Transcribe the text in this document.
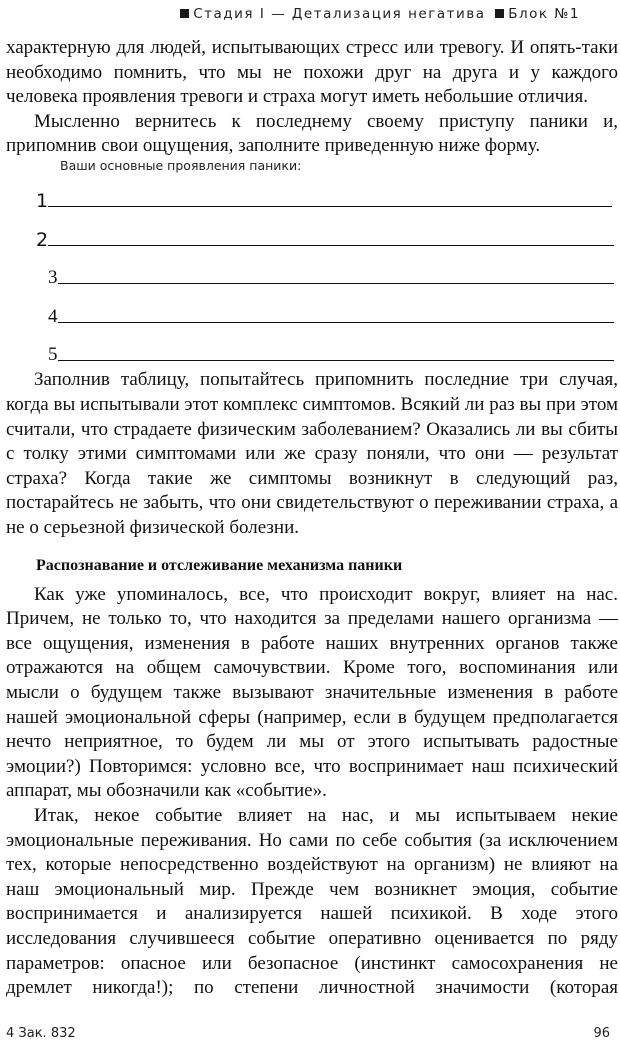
Стадия I — Детализация негатива Блок №1

характерную для людей, испытывающих стресс или тревогу. И опять-таки необходимо помнить, что мы не похожи друг на друга и у каждого человека проявления тревоги и страха могут иметь небольшие отличия.

Мысленно вернитесь к последнему своему приступу паники и, припомнив свои ощущения, заполните приведенную ниже форму.

Ваши основные проявления паники:
1
2
3
4
5

Заполнив таблицу, попытайтесь припомнить последние три случая, когда вы испытывали этот комплекс симптомов. Всякий ли раз вы при этом считали, что страдаете физическим заболеванием? Оказались ли вы сбиты с толку этими симптомами или же сразу поняли, что они — результат страха? Когда такие же симптомы возникнут в следующий раз, постарайтесь не забыть, что они свидетельствуют о переживании страха, а не о серьезной физической болезни.

Распознавание и отслеживание механизма паники

Как уже упоминалось, все, что происходит вокруг, влияет на нас. Причем, не только то, что находится за пределами нашего организма — все ощущения, изменения в работе наших внутренних органов также отражаются на общем самочувствии. Кроме того, воспоминания или мысли о будущем также вызывают значительные изменения в работе нашей эмоциональной сферы (например, если в будущем предполагается нечто неприятное, то будем ли мы от этого испытывать радостные эмоции?) Повторимся: условно все, что воспринимает наш психический аппарат, мы обозначили как «событие».

Итак, некое событие влияет на нас, и мы испытываем некие эмоциональные переживания. Но сами по себе события (за исключением тех, которые непосредственно воздействуют на организм) не влияют на наш эмоциональный мир. Прежде чем возникнет эмоция, событие воспринимается и анализируется нашей психикой. В ходе этого исследования случившееся событие оперативно оценивается по ряду параметров: опасное или безопасное (инстинкт самосохранения не дремлет никогда!); по степени личностной значимости (которая

4 Зак. 832	96
